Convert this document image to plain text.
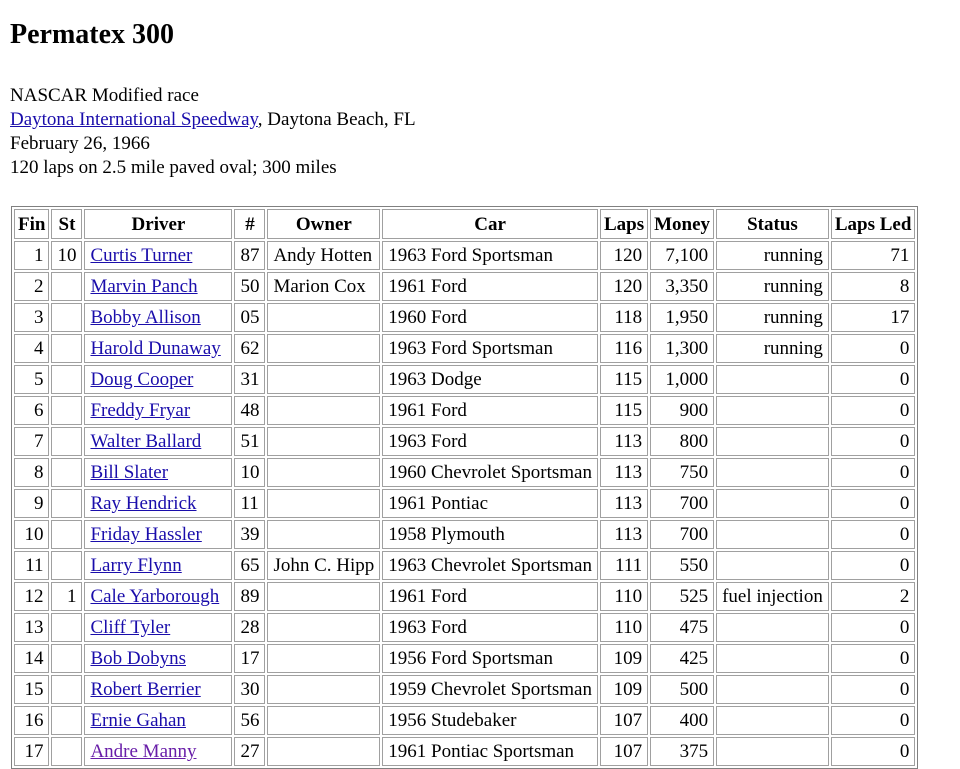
Permatex 300
NASCAR Modified race
Daytona International Speedway, Daytona Beach, FL
February 26, 1966
120 laps on 2.5 mile paved oval; 300 miles
Fin	St	Driver	#	Owner	Car	Laps	Money	Status	Laps Led
1	10	Curtis Turner	87	Andy Hotten	1963 Ford Sportsman	120	7,100	running	71
2		Marvin Panch	50	Marion Cox	1961 Ford	120	3,350	running	8
3		Bobby Allison	05		1960 Ford	118	1,950	running	17
4		Harold Dunaway	62		1963 Ford Sportsman	116	1,300	running	0
5		Doug Cooper	31		1963 Dodge	115	1,000		0
6		Freddy Fryar	48		1961 Ford	115	900		0
7		Walter Ballard	51		1963 Ford	113	800		0
8		Bill Slater	10		1960 Chevrolet Sportsman	113	750		0
9		Ray Hendrick	11		1961 Pontiac	113	700		0
10		Friday Hassler	39		1958 Plymouth	113	700		0
11		Larry Flynn	65	John C. Hipp	1963 Chevrolet Sportsman	111	550		0
12	1	Cale Yarborough	89		1961 Ford	110	525	fuel injection	2
13		Cliff Tyler	28		1963 Ford	110	475		0
14		Bob Dobyns	17		1956 Ford Sportsman	109	425		0
15		Robert Berrier	30		1959 Chevrolet Sportsman	109	500		0
16		Ernie Gahan	56		1956 Studebaker	107	400		0
17		Andre Manny	27		1961 Pontiac Sportsman	107	375		0
